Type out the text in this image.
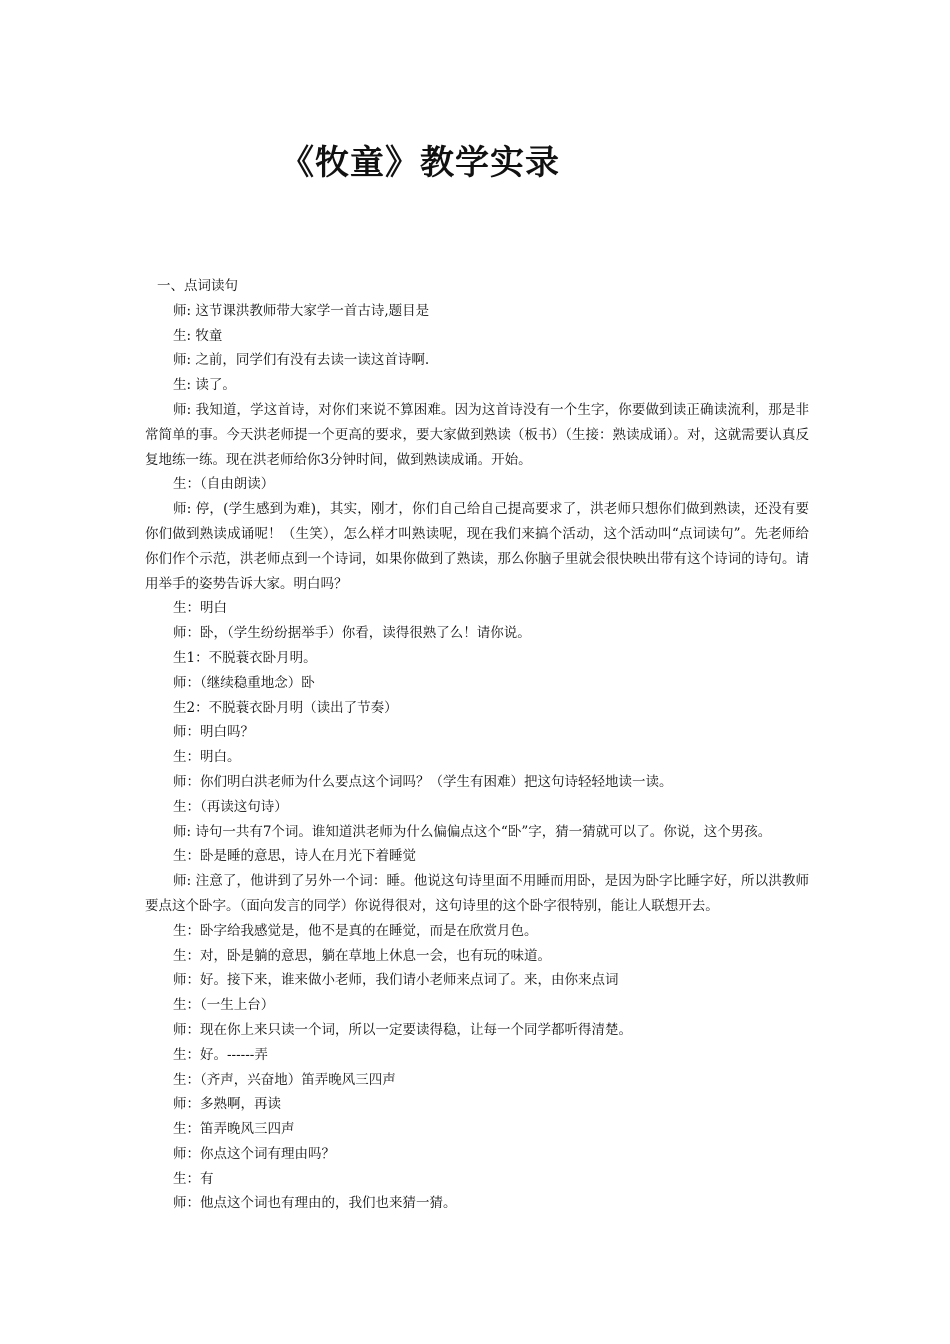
《牧童》教学实录

一、点词读句

师: 这节课洪教师带大家学一首古诗,题目是

生: 牧童

师: 之前，同学们有没有去读一读这首诗啊.

生: 读了。

师: 我知道，学这首诗，对你们来说不算困难。因为这首诗没有一个生字，你要做到读正确读流利，那是非常简单的事。今天洪老师提一个更高的要求，要大家做到熟读（板书）（生接：熟读成诵）。对，这就需要认真反复地练一练。现在洪老师给你3分钟时间，做到熟读成诵。开始。

生：（自由朗读）

师: 停，(学生感到为难)，其实，刚才，你们自己给自己提高要求了，洪老师只想你们做到熟读，还没有要你们做到熟读成诵呢！（生笑），怎么样才叫熟读呢，现在我们来搞个活动，这个活动叫“点词读句”。先老师给你们作个示范，洪老师点到一个诗词，如果你做到了熟读，那么你脑子里就会很快映出带有这个诗词的诗句。请用举手的姿势告诉大家。明白吗？

生：明白

师：卧，（学生纷纷据举手）你看，读得很熟了么！请你说。

生1：不脱蓑衣卧月明。

师：（继续稳重地念）卧

生2：不脱蓑衣卧月明（读出了节奏）

师：明白吗？

生：明白。

师：你们明白洪老师为什么要点这个词吗？（学生有困难）把这句诗轻轻地读一读。

生：（再读这句诗）

师: 诗句一共有7个词。谁知道洪老师为什么偏偏点这个“卧”字，猜一猜就可以了。你说，这个男孩。

生：卧是睡的意思，诗人在月光下着睡觉

师: 注意了，他讲到了另外一个词：睡。他说这句诗里面不用睡而用卧，是因为卧字比睡字好，所以洪教师要点这个卧字。（面向发言的同学）你说得很对，这句诗里的这个卧字很特别，能让人联想开去。

生：卧字给我感觉是，他不是真的在睡觉，而是在欣赏月色。

生：对，卧是躺的意思，躺在草地上休息一会，也有玩的味道。

师：好。接下来，谁来做小老师，我们请小老师来点词了。来，由你来点词

生：（一生上台）

师：现在你上来只读一个词，所以一定要读得稳，让每一个同学都听得清楚。

生：好。------弄

生：（齐声，兴奋地）笛弄晚风三四声

师：多熟啊，再读

生：笛弄晚风三四声

师：你点这个词有理由吗？

生：有

师：他点这个词也有理由的，我们也来猜一猜。
